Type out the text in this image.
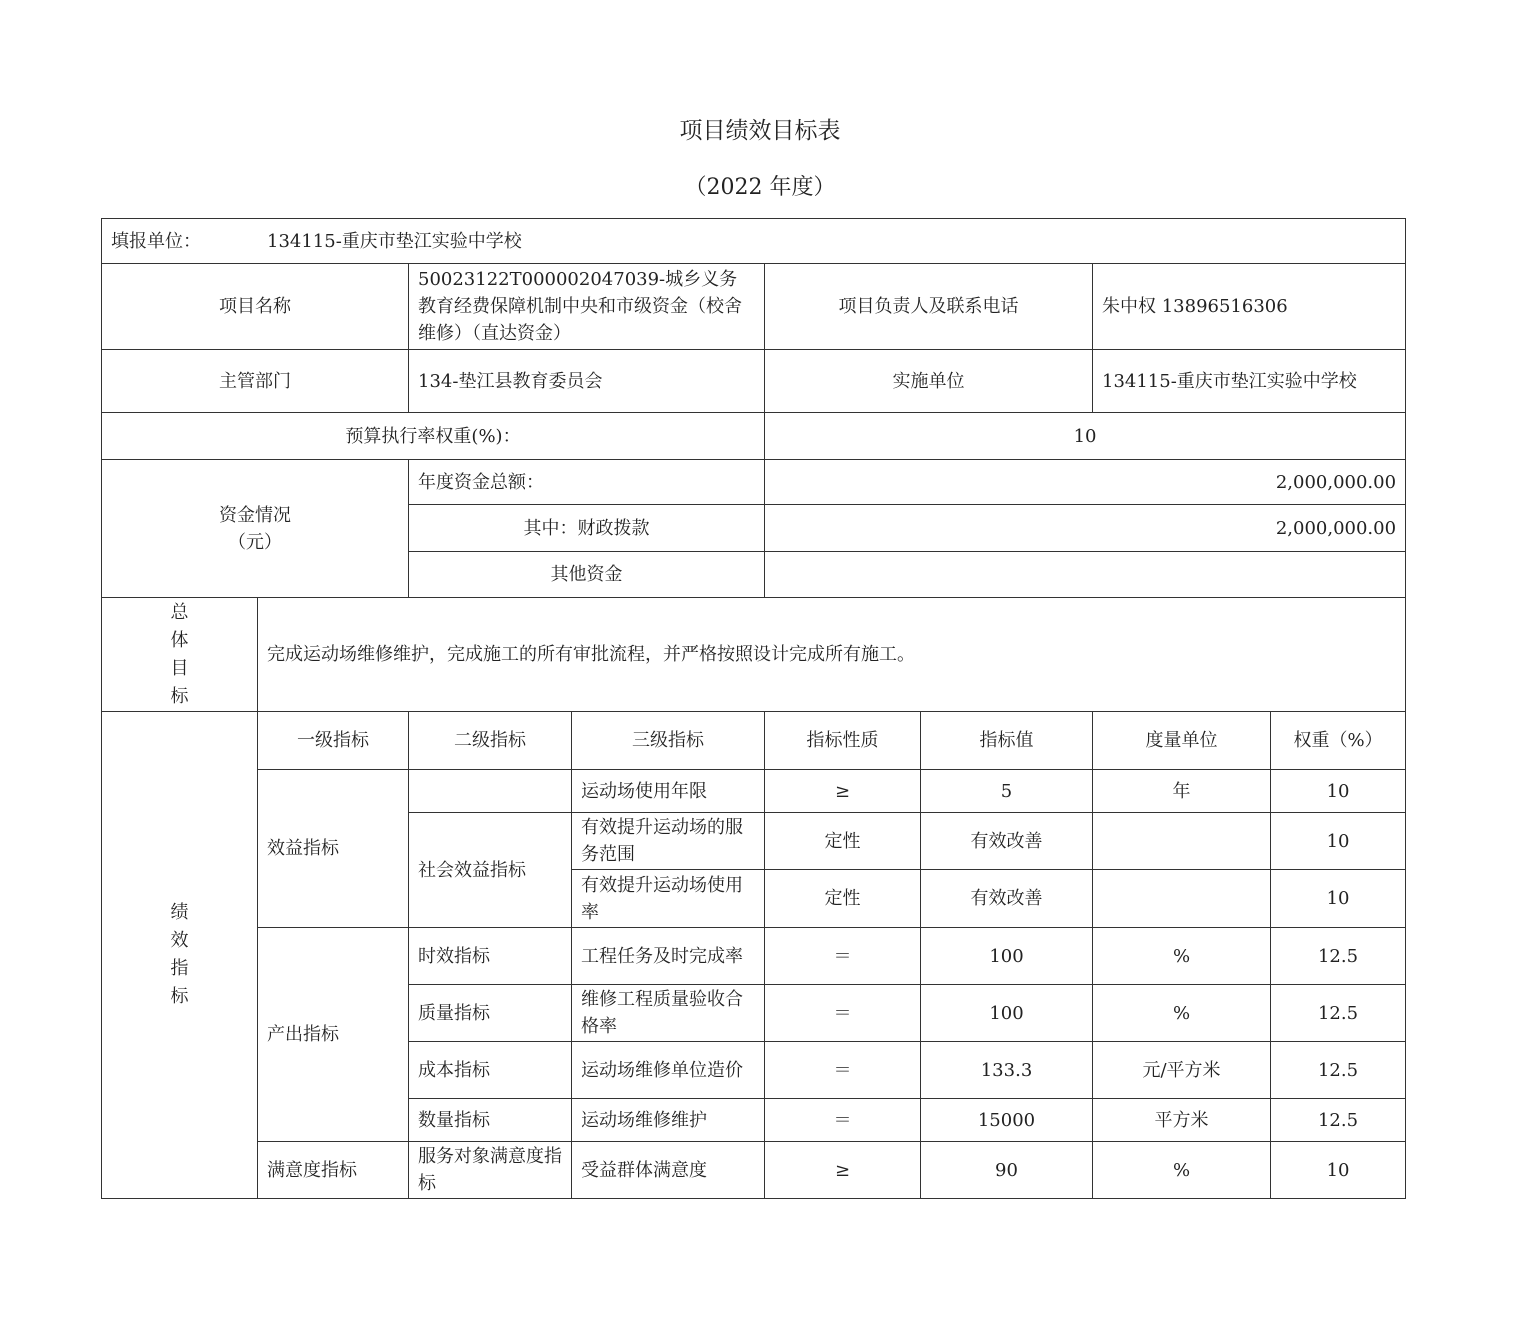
项目绩效目标表
（2022 年度）
填报单位： 134115-重庆市垫江实验中学校							
项目名称		50023122T000002047039-城乡义务教育经费保障机制中央和市级资金（校舍维修）（直达资金）		项目负责人及联系电话		朱中权 13896516306	
主管部门		134-垫江县教育委员会		实施单位		134115-重庆市垫江实验中学校	
预算执行率权重(%)：				10			

资金情况
（元）		年度资金总额：		2,000,000.00			
		其中：财政拨款		2,000,000.00			
		其他资金					

总体目标	完成运动场维修维护，完成施工的所有审批流程，并严格按照设计完成所有施工。						

绩效指标	一级指标	二级指标	三级指标	指标性质	指标值	度量单位	权重（%）
	效益指标		运动场使用年限	≥	5	年	10
		社会效益指标	有效提升运动场的服务范围	定性	有效改善		10
			有效提升运动场使用率	定性	有效改善		10
	产出指标	时效指标	工程任务及时完成率	＝	100	%	12.5
		质量指标	维修工程质量验收合格率	＝	100	%	12.5
		成本指标	运动场维修单位造价	＝	133.3	元/平方米	12.5
		数量指标	运动场维修维护	＝	15000	平方米	12.5
	满意度指标	服务对象满意度指标	受益群体满意度	≥	90	%	10
